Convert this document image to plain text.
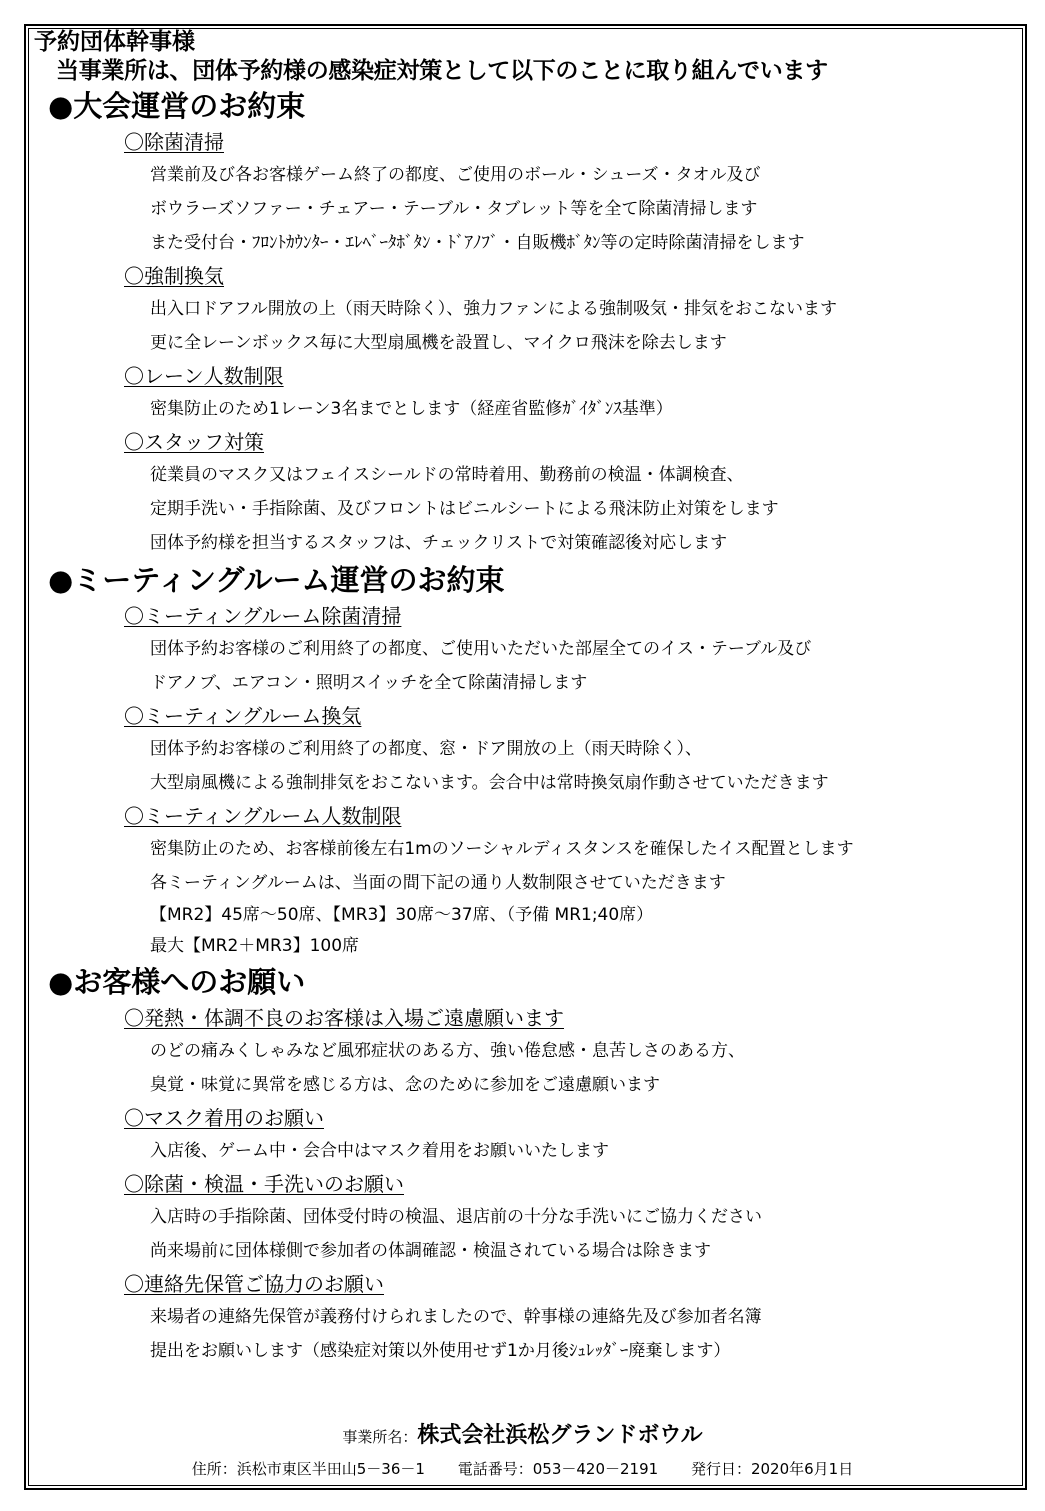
予約団体幹事様
当事業所は、団体予約様の感染症対策として以下のことに取り組んでいます
●大会運営のお約束
〇除菌清掃
営業前及び各お客様ゲーム終了の都度、ご使用のボール・シューズ・タオル及び
ボウラーズソファー・チェアー・テーブル・タブレット等を全て除菌清掃します
また受付台・ﾌﾛﾝﾄｶｳﾝﾀｰ・ｴﾚﾍﾞｰﾀﾎﾞﾀﾝ・ﾄﾞｱﾉﾌﾞ・自販機ﾎﾞﾀﾝ等の定時除菌清掃をします
〇強制換気
出入口ドアフル開放の上（雨天時除く）、強力ファンによる強制吸気・排気をおこないます
更に全レーンボックス毎に大型扇風機を設置し、マイクロ飛沫を除去します
〇レーン人数制限
密集防止のため1レーン3名までとします（経産省監修ｶﾞｲﾀﾞﾝｽ基準）
〇スタッフ対策
従業員のマスク又はフェイスシールドの常時着用、勤務前の検温・体調検査、
定期手洗い・手指除菌、及びフロントはビニルシートによる飛沫防止対策をします
団体予約様を担当するスタッフは、チェックリストで対策確認後対応します
●ミーティングルーム運営のお約束
〇ミーティングルーム除菌清掃
団体予約お客様のご利用終了の都度、ご使用いただいた部屋全てのイス・テーブル及び
ドアノブ、エアコン・照明スイッチを全て除菌清掃します
〇ミーティングルーム換気
団体予約お客様のご利用終了の都度、窓・ドア開放の上（雨天時除く）、
大型扇風機による強制排気をおこないます。会合中は常時換気扇作動させていただきます
〇ミーティングルーム人数制限
密集防止のため、お客様前後左右1mのソーシャルディスタンスを確保したイス配置とします
各ミーティングルームは、当面の間下記の通り人数制限させていただきます
【MR2】45席～50席、【MR3】30席～37席、（予備 MR1;40席）
最大【MR2＋MR3】100席
●お客様へのお願い
〇発熱・体調不良のお客様は入場ご遠慮願います
のどの痛みくしゃみなど風邪症状のある方、強い倦怠感・息苦しさのある方、
臭覚・味覚に異常を感じる方は、念のために参加をご遠慮願います
〇マスク着用のお願い
入店後、ゲーム中・会合中はマスク着用をお願いいたします
〇除菌・検温・手洗いのお願い
入店時の手指除菌、団体受付時の検温、退店前の十分な手洗いにご協力ください
尚来場前に団体様側で参加者の体調確認・検温されている場合は除きます
〇連絡先保管ご協力のお願い
来場者の連絡先保管が義務付けられましたので、幹事様の連絡先及び参加者名簿
提出をお願いします（感染症対策以外使用せず1か月後ｼｭﾚｯﾀﾞｰ廃棄します）
事業所名：株式会社浜松グランドボウル
住所：浜松市東区半田山5－36－1 電話番号：053－420－2191 発行日：2020年6月1日
